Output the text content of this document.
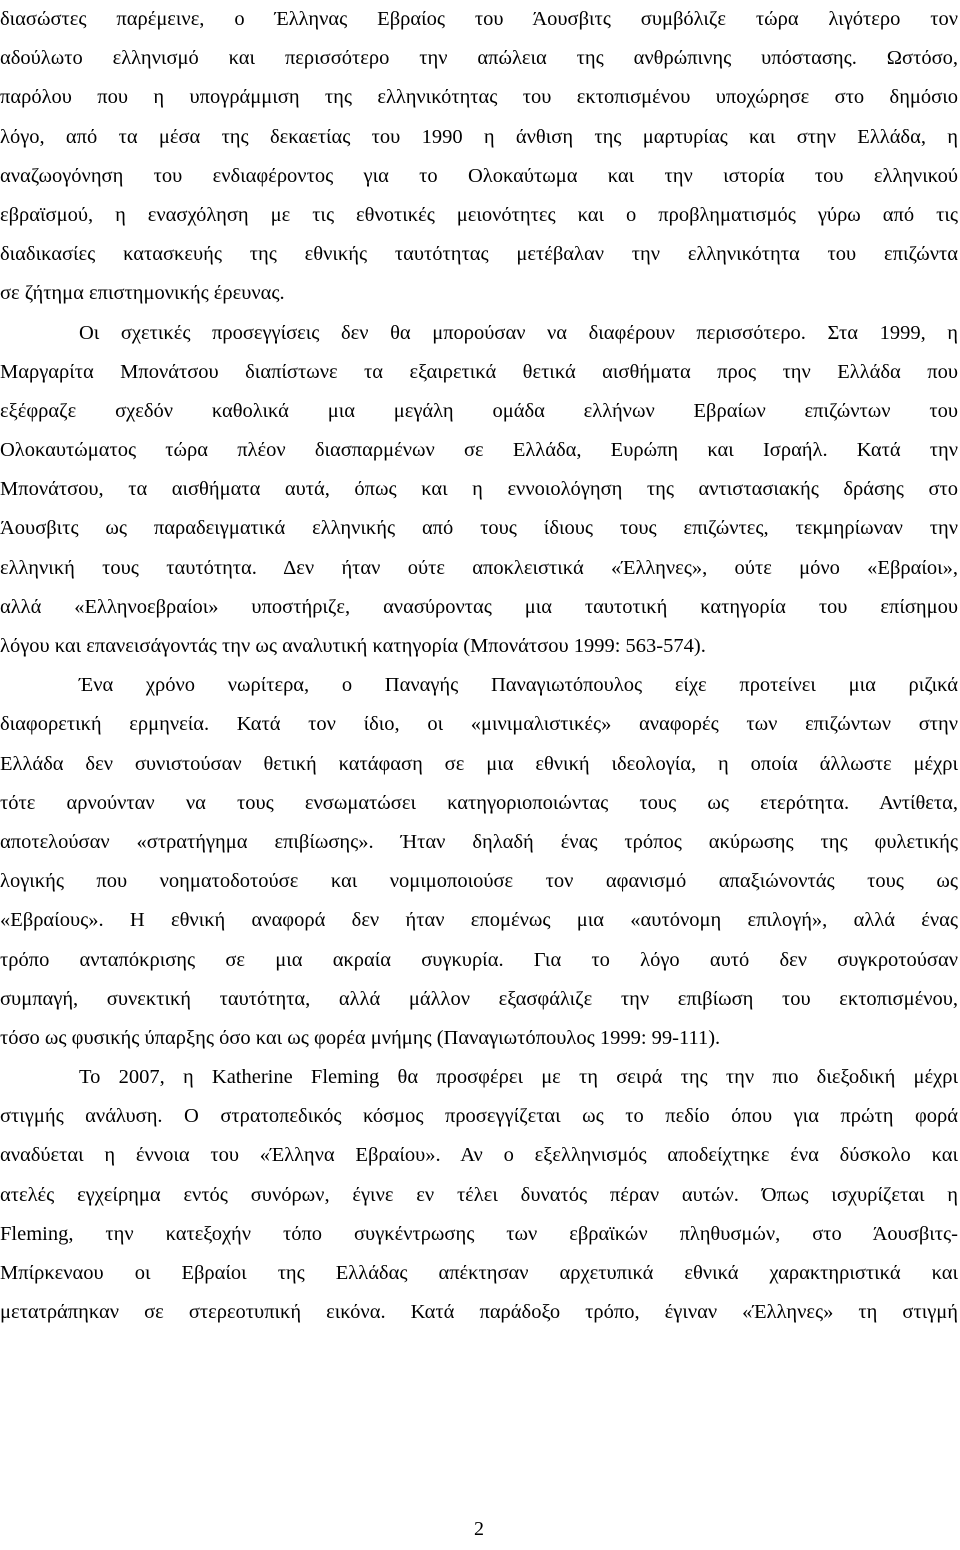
διασώστες παρέμεινε, ο Έλληνας Εβραίος του Άουσβιτς συμβόλιζε τώρα λιγότερο τον
αδούλωτο ελληνισμό και περισσότερο την απώλεια της ανθρώπινης υπόστασης. Ωστόσο,
παρόλου που η υπογράμμιση της ελληνικότητας του εκτοπισμένου υποχώρησε στο δημόσιο
λόγο, από τα μέσα της δεκαετίας του 1990 η άνθιση της μαρτυρίας και στην Ελλάδα, η
αναζωογόνηση του ενδιαφέροντος για το Ολοκαύτωμα και την ιστορία του ελληνικού
εβραϊσμού, η ενασχόληση με τις εθνοτικές μειονότητες και ο προβληματισμός γύρω από τις
διαδικασίες κατασκευής της εθνικής ταυτότητας μετέβαλαν την ελληνικότητα του επιζώντα
σε ζήτημα επιστημονικής έρευνας.
Οι σχετικές προσεγγίσεις δεν θα μπορούσαν να διαφέρουν περισσότερο. Στα 1999, η
Μαργαρίτα Μπονάτσου διαπίστωνε τα εξαιρετικά θετικά αισθήματα προς την Ελλάδα που
εξέφραζε σχεδόν καθολικά μια μεγάλη ομάδα ελλήνων Εβραίων επιζώντων του
Ολοκαυτώματος τώρα πλέον διασπαρμένων σε Ελλάδα, Ευρώπη και Ισραήλ. Κατά την
Μπονάτσου, τα αισθήματα αυτά, όπως και η εννοιολόγηση της αντιστασιακής δράσης στο
Άουσβιτς ως παραδειγματικά ελληνικής από τους ίδιους τους επιζώντες, τεκμηρίωναν την
ελληνική τους ταυτότητα. Δεν ήταν ούτε αποκλειστικά «Έλληνες», ούτε μόνο «Εβραίοι»,
αλλά «Ελληνοεβραίοι» υποστήριζε, ανασύροντας μια ταυτοτική κατηγορία του επίσημου
λόγου και επανεισάγοντάς την ως αναλυτική κατηγορία (Μπονάτσου 1999: 563-574).
Ένα χρόνο νωρίτερα, ο Παναγής Παναγιωτόπουλος είχε προτείνει μια ριζικά
διαφορετική ερμηνεία. Κατά τον ίδιο, οι «μινιμαλιστικές» αναφορές των επιζώντων στην
Ελλάδα δεν συνιστούσαν θετική κατάφαση σε μια εθνική ιδεολογία, η οποία άλλωστε μέχρι
τότε αρνούνταν να τους ενσωματώσει κατηγοριοποιώντας τους ως ετερότητα. Αντίθετα,
αποτελούσαν «στρατήγημα επιβίωσης». Ήταν δηλαδή ένας τρόπος ακύρωσης της φυλετικής
λογικής που νοηματοδοτούσε και νομιμοποιούσε τον αφανισμό απαξιώνοντάς τους ως
«Εβραίους». Η εθνική αναφορά δεν ήταν επομένως μια «αυτόνομη επιλογή», αλλά ένας
τρόπο ανταπόκρισης σε μια ακραία συγκυρία. Για το λόγο αυτό δεν συγκροτούσαν
συμπαγή, συνεκτική ταυτότητα, αλλά μάλλον εξασφάλιζε την επιβίωση του εκτοπισμένου,
τόσο ως φυσικής ύπαρξης όσο και ως φορέα μνήμης (Παναγιωτόπουλος 1999: 99-111).
Το 2007, η Katherine Fleming θα προσφέρει με τη σειρά της την πιο διεξοδική μέχρι
στιγμής ανάλυση. Ο στρατοπεδικός κόσμος προσεγγίζεται ως το πεδίο όπου για πρώτη φορά
αναδύεται η έννοια του «Έλληνα Εβραίου». Αν ο εξελληνισμός αποδείχτηκε ένα δύσκολο και
ατελές εγχείρημα εντός συνόρων, έγινε εν τέλει δυνατός πέραν αυτών. Όπως ισχυρίζεται η
Fleming, την κατεξοχήν τόπο συγκέντρωσης των εβραϊκών πληθυσμών, στο Άουσβιτς-
Μπίρκεναου οι Εβραίοι της Ελλάδας απέκτησαν αρχετυπικά εθνικά χαρακτηριστικά και
μετατράπηκαν σε στερεοτυπική εικόνα. Κατά παράδοξο τρόπο, έγιναν «Έλληνες» τη στιγμή
2
